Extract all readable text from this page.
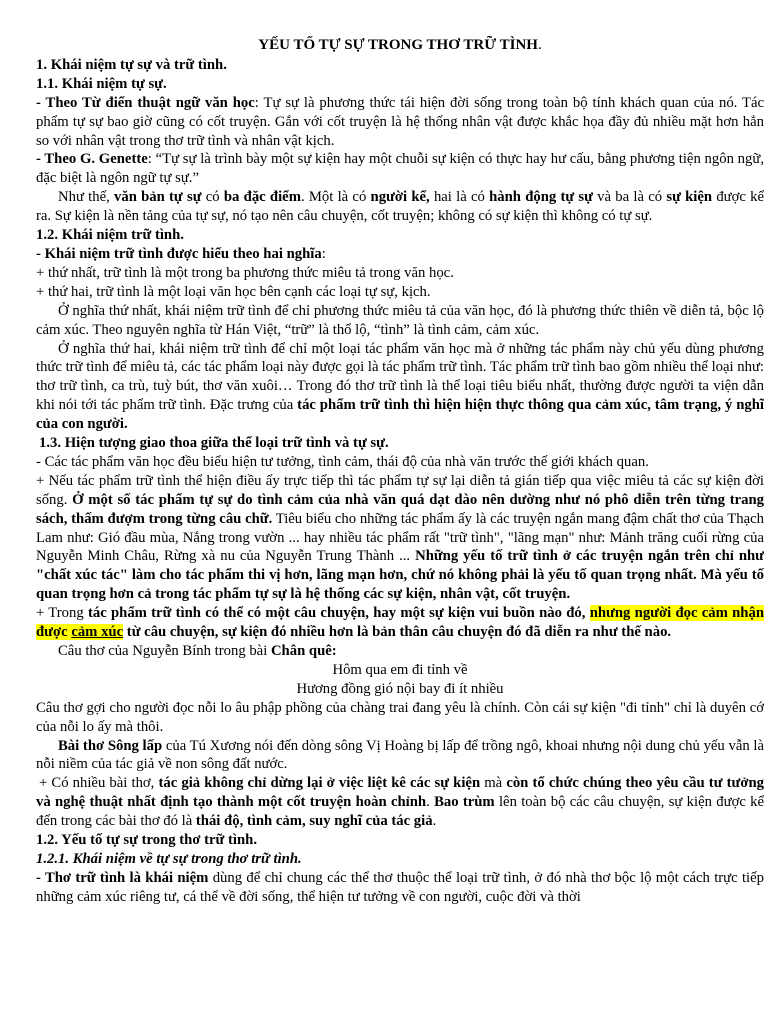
YẾU TỐ TỰ SỰ TRONG THƠ TRỮ TÌNH.

1. Khái niệm tự sự và trữ tình.

1.1. Khái niệm tự sự.

- Theo Từ điển thuật ngữ văn học: Tự sự là phương thức tái hiện đời sống trong toàn bộ tính khách quan của nó. Tác phẩm tự sự bao giờ cũng có cốt truyện. Gắn với cốt truyện là hệ thống nhân vật được khắc họa đầy đủ nhiều mặt hơn hẳn so với nhân vật trong thơ trữ tình và nhân vật kịch.

- Theo G. Genette: “Tự sự là trình bày một sự kiện hay một chuỗi sự kiện có thực hay hư cấu, bằng phương tiện ngôn ngữ, đặc biệt là ngôn ngữ tự sự.”

Như thế, văn bản tự sự có ba đặc điểm. Một là có người kể, hai là có hành động tự sự và ba là có sự kiện được kể ra. Sự kiện là nền tảng của tự sự, nó tạo nên câu chuyện, cốt truyện; không có sự kiện thì không có tự sự.

1.2. Khái niệm trữ tình.

- Khái niệm trữ tình được hiểu theo hai nghĩa:

+ thứ nhất, trữ tình là một trong ba phương thức miêu tả trong văn học.

+ thứ hai, trữ tình là một loại văn học bên cạnh các loại tự sự, kịch.

Ở nghĩa thứ nhất, khái niệm trữ tình để chỉ phương thức miêu tả của văn học, đó là phương thức thiên về diễn tả, bộc lộ cảm xúc. Theo nguyên nghĩa từ Hán Việt, “trữ” là thổ lộ, “tình” là tình cảm, cảm xúc.

Ở nghĩa thứ hai, khái niệm trữ tình để chỉ một loại tác phẩm văn học mà ở những tác phẩm này chủ yếu dùng phương thức trữ tình để miêu tả, các tác phẩm loại này được gọi là tác phẩm trữ tình. Tác phẩm trữ tình bao gồm nhiều thể loại như: thơ trữ tình, ca trù, tuỳ bút, thơ văn xuôi… Trong đó thơ trữ tình là thể loại tiêu biểu nhất, thường được người ta viện dẫn khi nói tới tác phẩm trữ tình. Đặc trưng của tác phẩm trữ tình thì hiện hiện thực thông qua cảm xúc, tâm trạng, ý nghĩ của con người.

1.3. Hiện tượng giao thoa giữa thể loại trữ tình và tự sự.

- Các tác phẩm văn học đều biểu hiện tư tưởng, tình cảm, thái độ của nhà văn trước thế giới khách quan.

+ Nếu tác phẩm trữ tình thể hiện điều ấy trực tiếp thì tác phẩm tự sự lại diễn tả gián tiếp qua việc miêu tả các sự kiện đời sống. Ở một số tác phẩm tự sự do tình cảm của nhà văn quá dạt dào nên dường như nó phô diễn trên từng trang sách, thấm đượm trong từng câu chữ. Tiêu biểu cho những tác phẩm ấy là các truyện ngắn mang đậm chất thơ của Thạch Lam như: Gió đầu mùa, Nắng trong vườn ... hay nhiều tác phẩm rất "trữ tình", "lãng mạn" như: Mảnh trăng cuối rừng của Nguyễn Minh Châu, Rừng xà nu của Nguyễn Trung Thành ... Những yếu tố trữ tình ở các truyện ngắn trên chỉ như "chất xúc tác" làm cho tác phẩm thi vị hơn, lãng mạn hơn, chứ nó không phải là yếu tố quan trọng nhất. Mà yếu tố quan trọng hơn cả trong tác phẩm tự sự là hệ thống các sự kiện, nhân vật, cốt truyện.

+ Trong tác phẩm trữ tình có thể có một câu chuyện, hay một sự kiện vui buồn nào đó, nhưng người đọc cảm nhận được cảm xúc từ câu chuyện, sự kiện đó nhiều hơn là bản thân câu chuyện đó đã diễn ra như thế nào.

Câu thơ của Nguyễn Bính trong bài Chân quê:

Hôm qua em đi tỉnh về

Hương đồng gió nội bay đi ít nhiều

Câu thơ gợi cho người đọc nỗi lo âu phập phồng của chàng trai đang yêu là chính. Còn cái sự kiện "đi tỉnh" chỉ là duyên cớ của nỗi lo ấy mà thôi.

Bài thơ Sông lấp của Tú Xương nói đến dòng sông Vị Hoàng bị lấp để trồng ngô, khoai nhưng nội dung chủ yếu vẫn là nỗi niềm của tác giả về non sông đất nước.

+ Có nhiều bài thơ, tác giả không chỉ dừng lại ở việc liệt kê các sự kiện mà còn tổ chức chúng theo yêu cầu tư tưởng và nghệ thuật nhất định tạo thành một cốt truyện hoàn chỉnh. Bao trùm lên toàn bộ các câu chuyện, sự kiện được kể đến trong các bài thơ đó là thái độ, tình cảm, suy nghĩ của tác giả.

1.2. Yếu tố tự sự trong thơ trữ tình.

1.2.1. Khái niệm về tự sự trong thơ trữ tình.

- Thơ trữ tình là khái niệm dùng để chỉ chung các thể thơ thuộc thể loại trữ tình, ở đó nhà thơ bộc lộ một cách trực tiếp những cảm xúc riêng tư, cá thể về đời sống, thể hiện tư tưởng về con người, cuộc đời và thời
